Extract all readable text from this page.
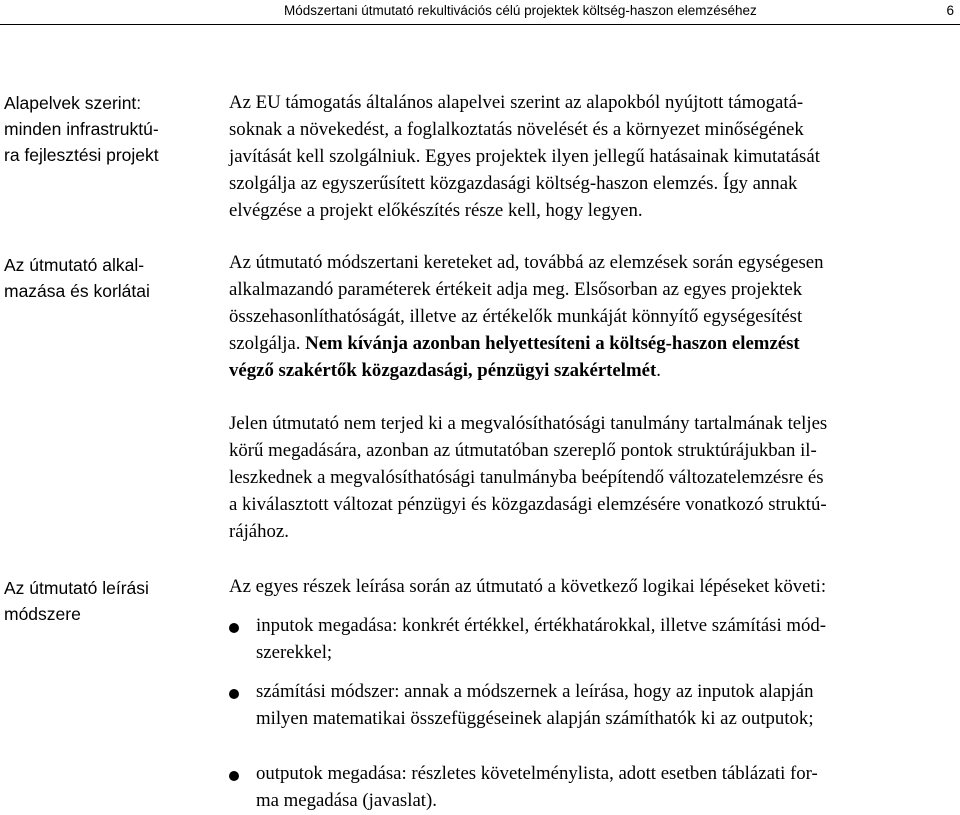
Módszertani útmutató rekultivációs célú projektek költség-haszon elemzéséhez	6
Alapelvek szerint:
minden infrastruktú-
ra fejlesztési projekt
Az útmutató alkal-
mazása és korlátai
Az útmutató leírási
módszere
Az EU támogatás általános alapelvei szerint az alapokból nyújtott támogatá-
soknak a növekedést, a foglalkoztatás növelését és a környezet minőségének
javítását kell szolgálniuk. Egyes projektek ilyen jellegű hatásainak kimutatását
szolgálja az egyszerűsített közgazdasági költség-haszon elemzés. Így annak
elvégzése a projekt előkészítés része kell, hogy legyen.
Az útmutató módszertani kereteket ad, továbbá az elemzések során egységesen
alkalmazandó paraméterek értékeit adja meg. Elsősorban az egyes projektek
összehasonlíthatóságát, illetve az értékelők munkáját könnyítő egységesítést
szolgálja. Nem kívánja azonban helyettesíteni a költség-haszon elemzést
végző szakértők közgazdasági, pénzügyi szakértelmét.
Jelen útmutató nem terjed ki a megvalósíthatósági tanulmány tartalmának teljes
körű megadására, azonban az útmutatóban szereplő pontok struktúrájukban il-
leszkednek a megvalósíthatósági tanulmányba beépítendő változatelemzésre és
a kiválasztott változat pénzügyi és közgazdasági elemzésére vonatkozó struktú-
rájához.
Az egyes részek leírása során az útmutató a következő logikai lépéseket követi:
inputok megadása: konkrét értékkel, értékhatárokkal, illetve számítási mód-
szerekkel;
számítási módszer: annak a módszernek a leírása, hogy az inputok alapján
milyen matematikai összefüggéseinek alapján számíthatók ki az outputok;
outputok megadása: részletes követelménylista, adott esetben táblázati for-
ma megadása (javaslat).
